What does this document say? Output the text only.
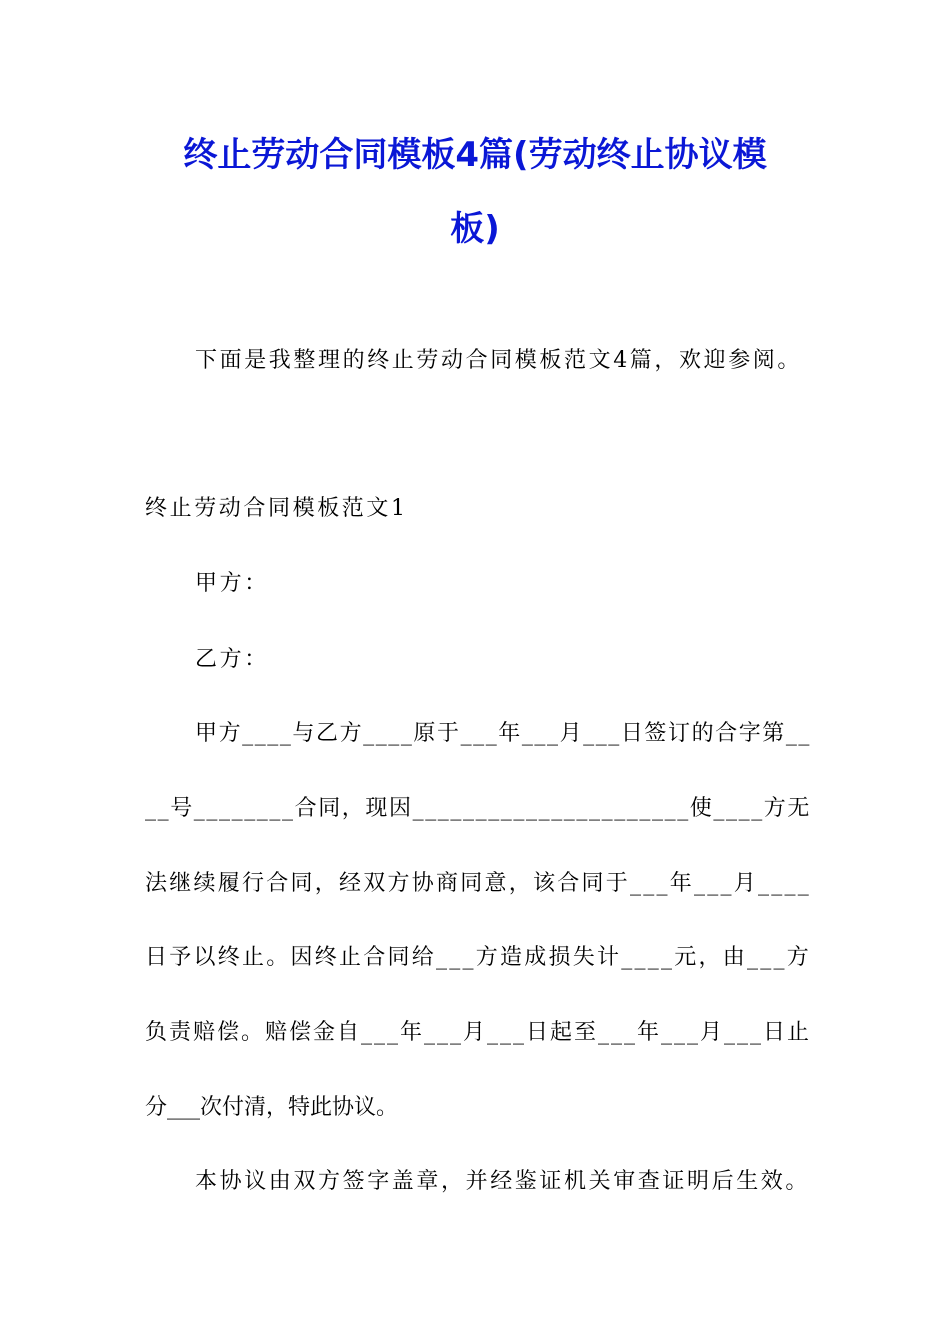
终止劳动合同模板4篇(劳动终止协议模
板)
下面是我整理的终止劳动合同模板范文4篇，欢迎参阅。
终止劳动合同模板范文1
甲方：
乙方：
甲方____与乙方____原于___年___月___日签订的合字第__
__号________合同，现因______________________使____方无
法继续履行合同，经双方协商同意，该合同于___年___月____
日予以终止。因终止合同给___方造成损失计____元，由___方
负责赔偿。赔偿金自___年___月___日起至___年___月___日止
分___次付清，特此协议。
本协议由双方签字盖章，并经鉴证机关审查证明后生效。
